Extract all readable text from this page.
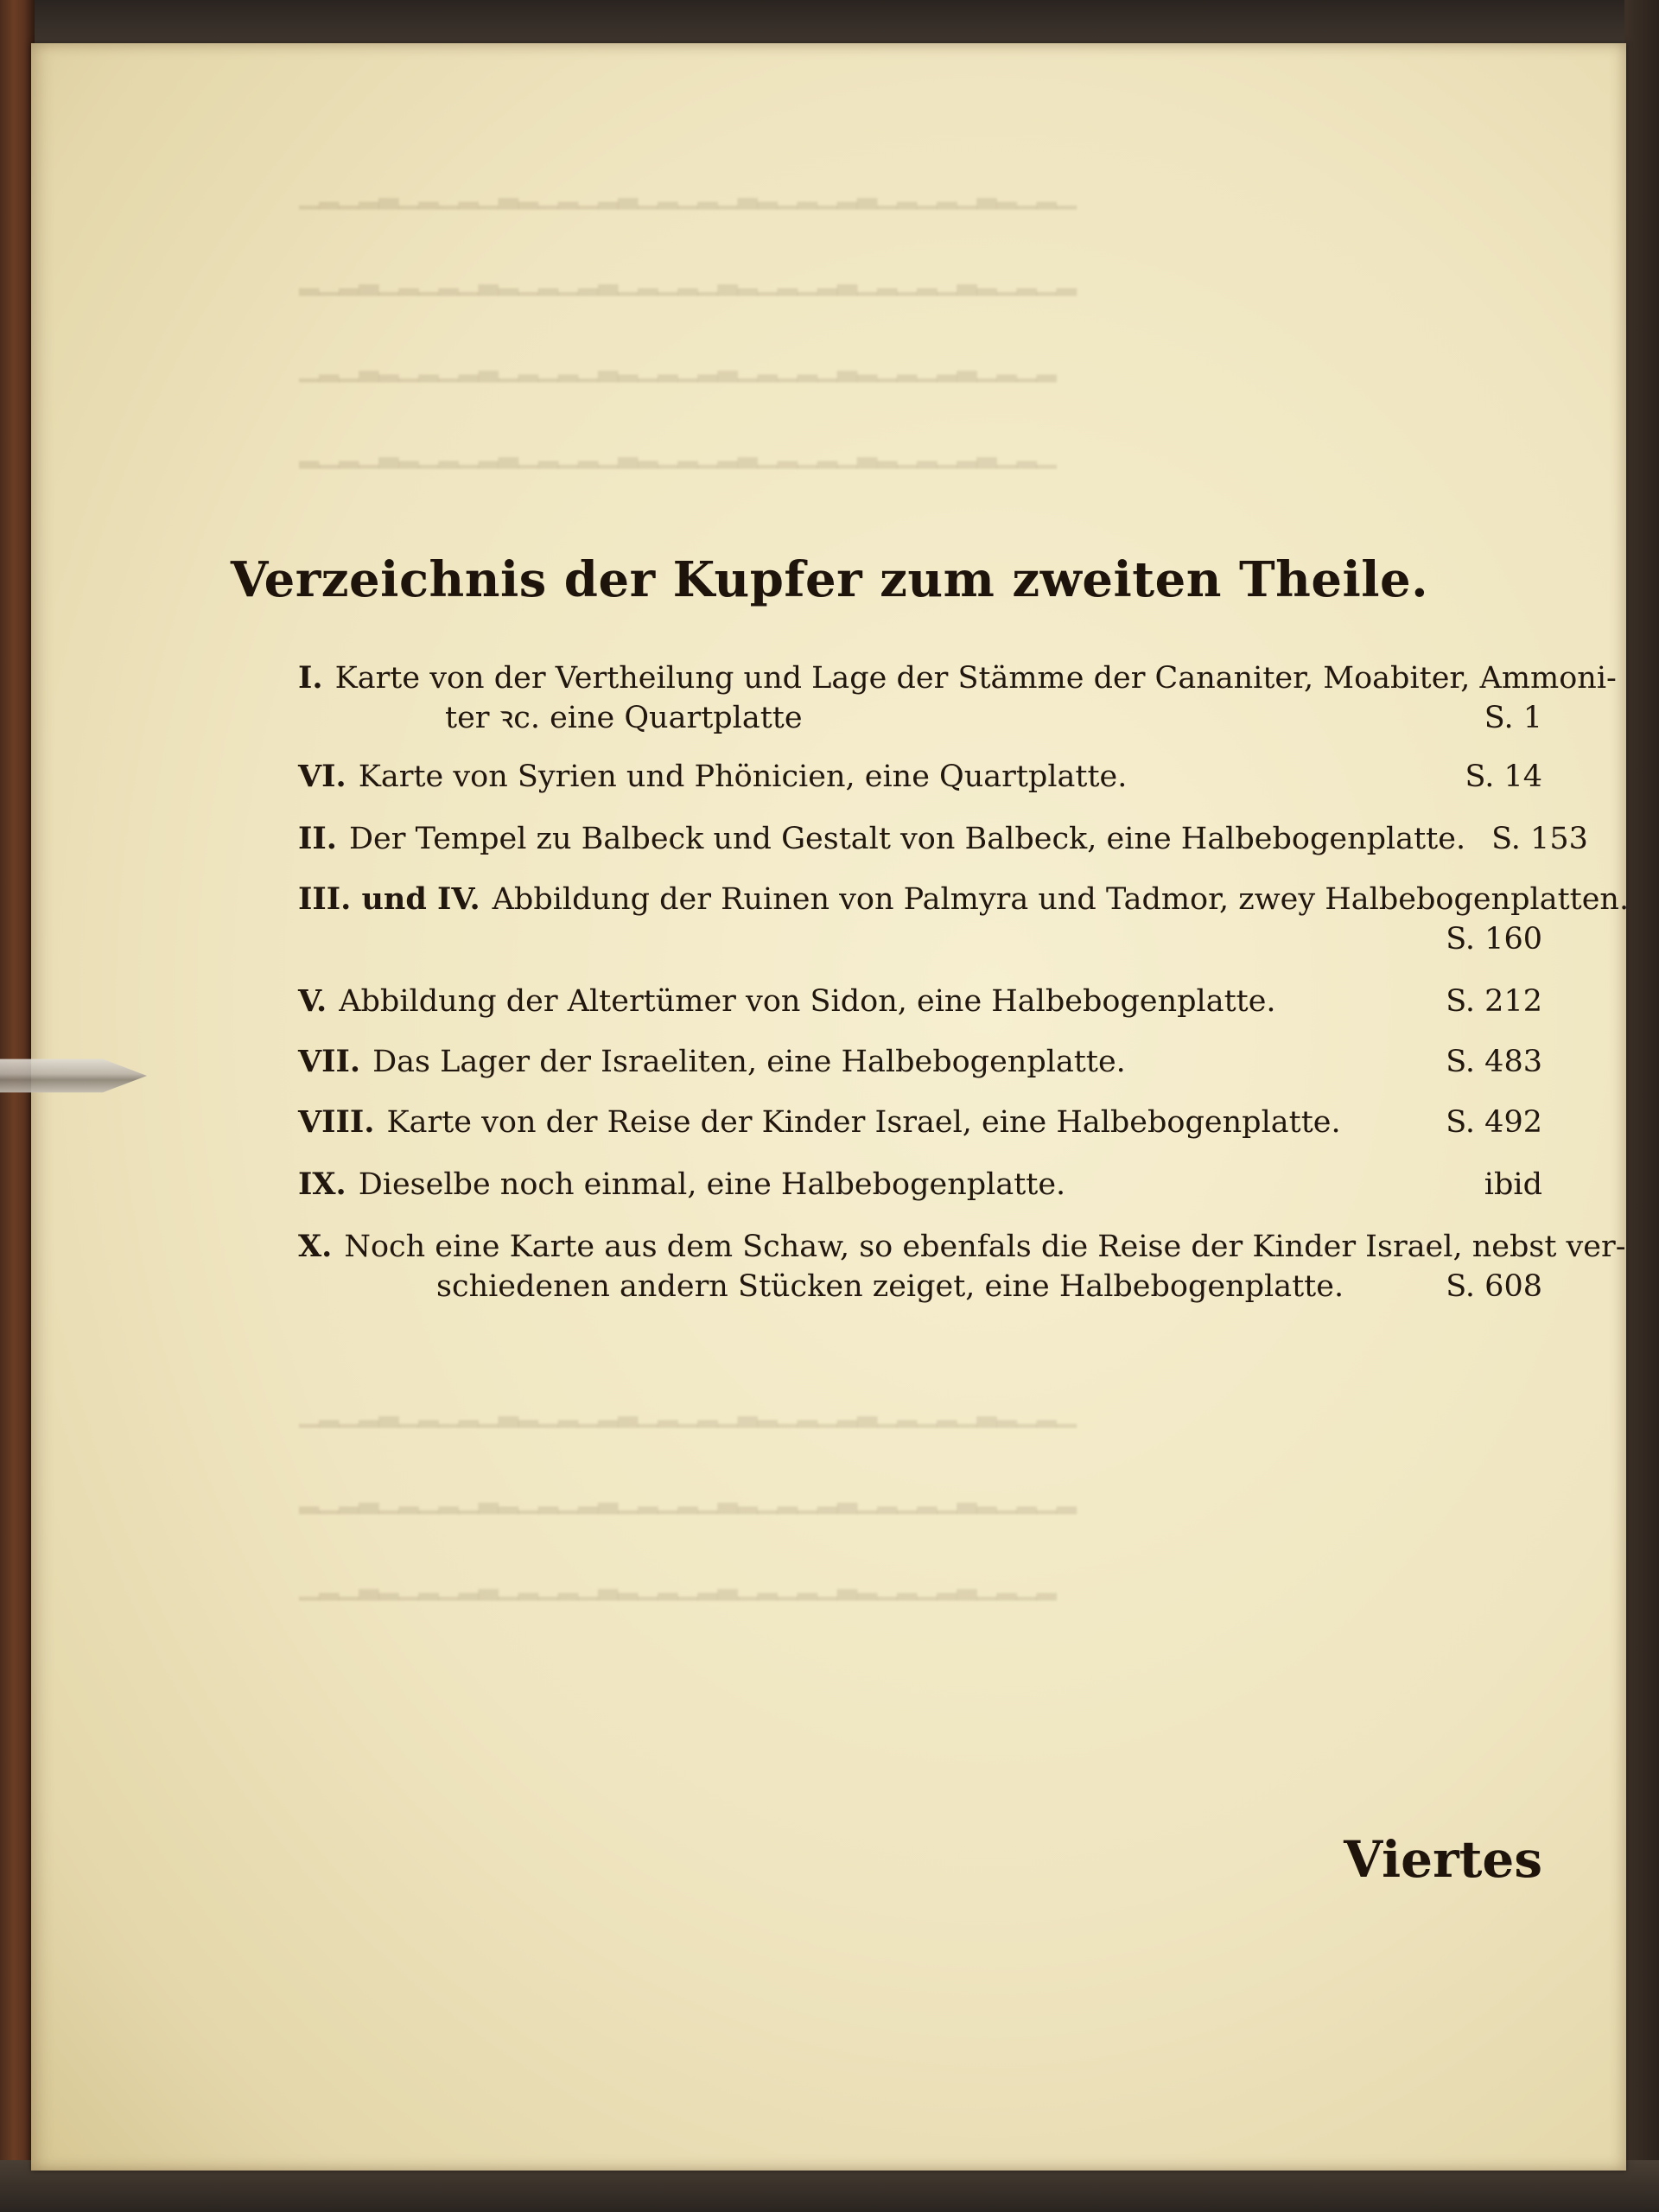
▁▂▁▂▃▁▂▁▂▁▃▂▁▂▁▂▃▁▂▁▂▁▃▂▁▂▁▂▃▁▂▁▂▁▃▂▁▂▁
▂▁▂▃▁▂▁▂▁▃▂▁▂▁▂▃▁▂▁▂▁▃▂▁▂▁▂▃▁▂▁▂▁▃▂▁▂▁▂
▁▂▁▃▂▁▂▁▂▃▁▂▁▂▁▃▂▁▂▁▂▃▁▂▁▂▁▃▂▁▂▁▂▃▁▂▁▂
▂▁▂▁▃▂▁▂▁▂▃▁▂▁▂▁▃▂▁▂▁▂▃▁▂▁▂▁▃▂▁▂▁▂▃▁▂▁
▁▂▁▂▃▁▂▁▂▁▃▂▁▂▁▂▃▁▂▁▂▁▃▂▁▂▁▂▃▁▂▁▂▁▃▂▁▂▁
▂▁▂▃▁▂▁▂▁▃▂▁▂▁▂▃▁▂▁▂▁▃▂▁▂▁▂▃▁▂▁▂▁▃▂▁▂▁▂
▁▂▁▃▂▁▂▁▂▃▁▂▁▂▁▃▂▁▂▁▂▃▁▂▁▂▁▃▂▁▂▁▂▃▁▂▁▂
Verzeichnis der Kupfer zum zweiten Theile.
I. Karte von der Vertheilung und Lage der Stämme der Cananiter, Moabiter, Ammoni-
ter ꝛc. eine Quartplatte	S. 1
VI. Karte von Syrien und Phönicien, eine Quartplatte.	S. 14
II. Der Tempel zu Balbeck und Gestalt von Balbeck, eine Halbebogenplatte. S. 153
III. und IV. Abbildung der Ruinen von Palmyra und Tadmor, zwey Halbebogenplatten.
S. 160
V. Abbildung der Altertümer von Sidon, eine Halbebogenplatte.	S. 212
VII. Das Lager der Israeliten, eine Halbebogenplatte.	S. 483
VIII. Karte von der Reise der Kinder Israel, eine Halbebogenplatte.	S. 492
IX. Dieselbe noch einmal, eine Halbebogenplatte.	ibid
X. Noch eine Karte aus dem Schaw, so ebenfals die Reise der Kinder Israel, nebst ver-
schiedenen andern Stücken zeiget, eine Halbebogenplatte.	S. 608
Viertes
